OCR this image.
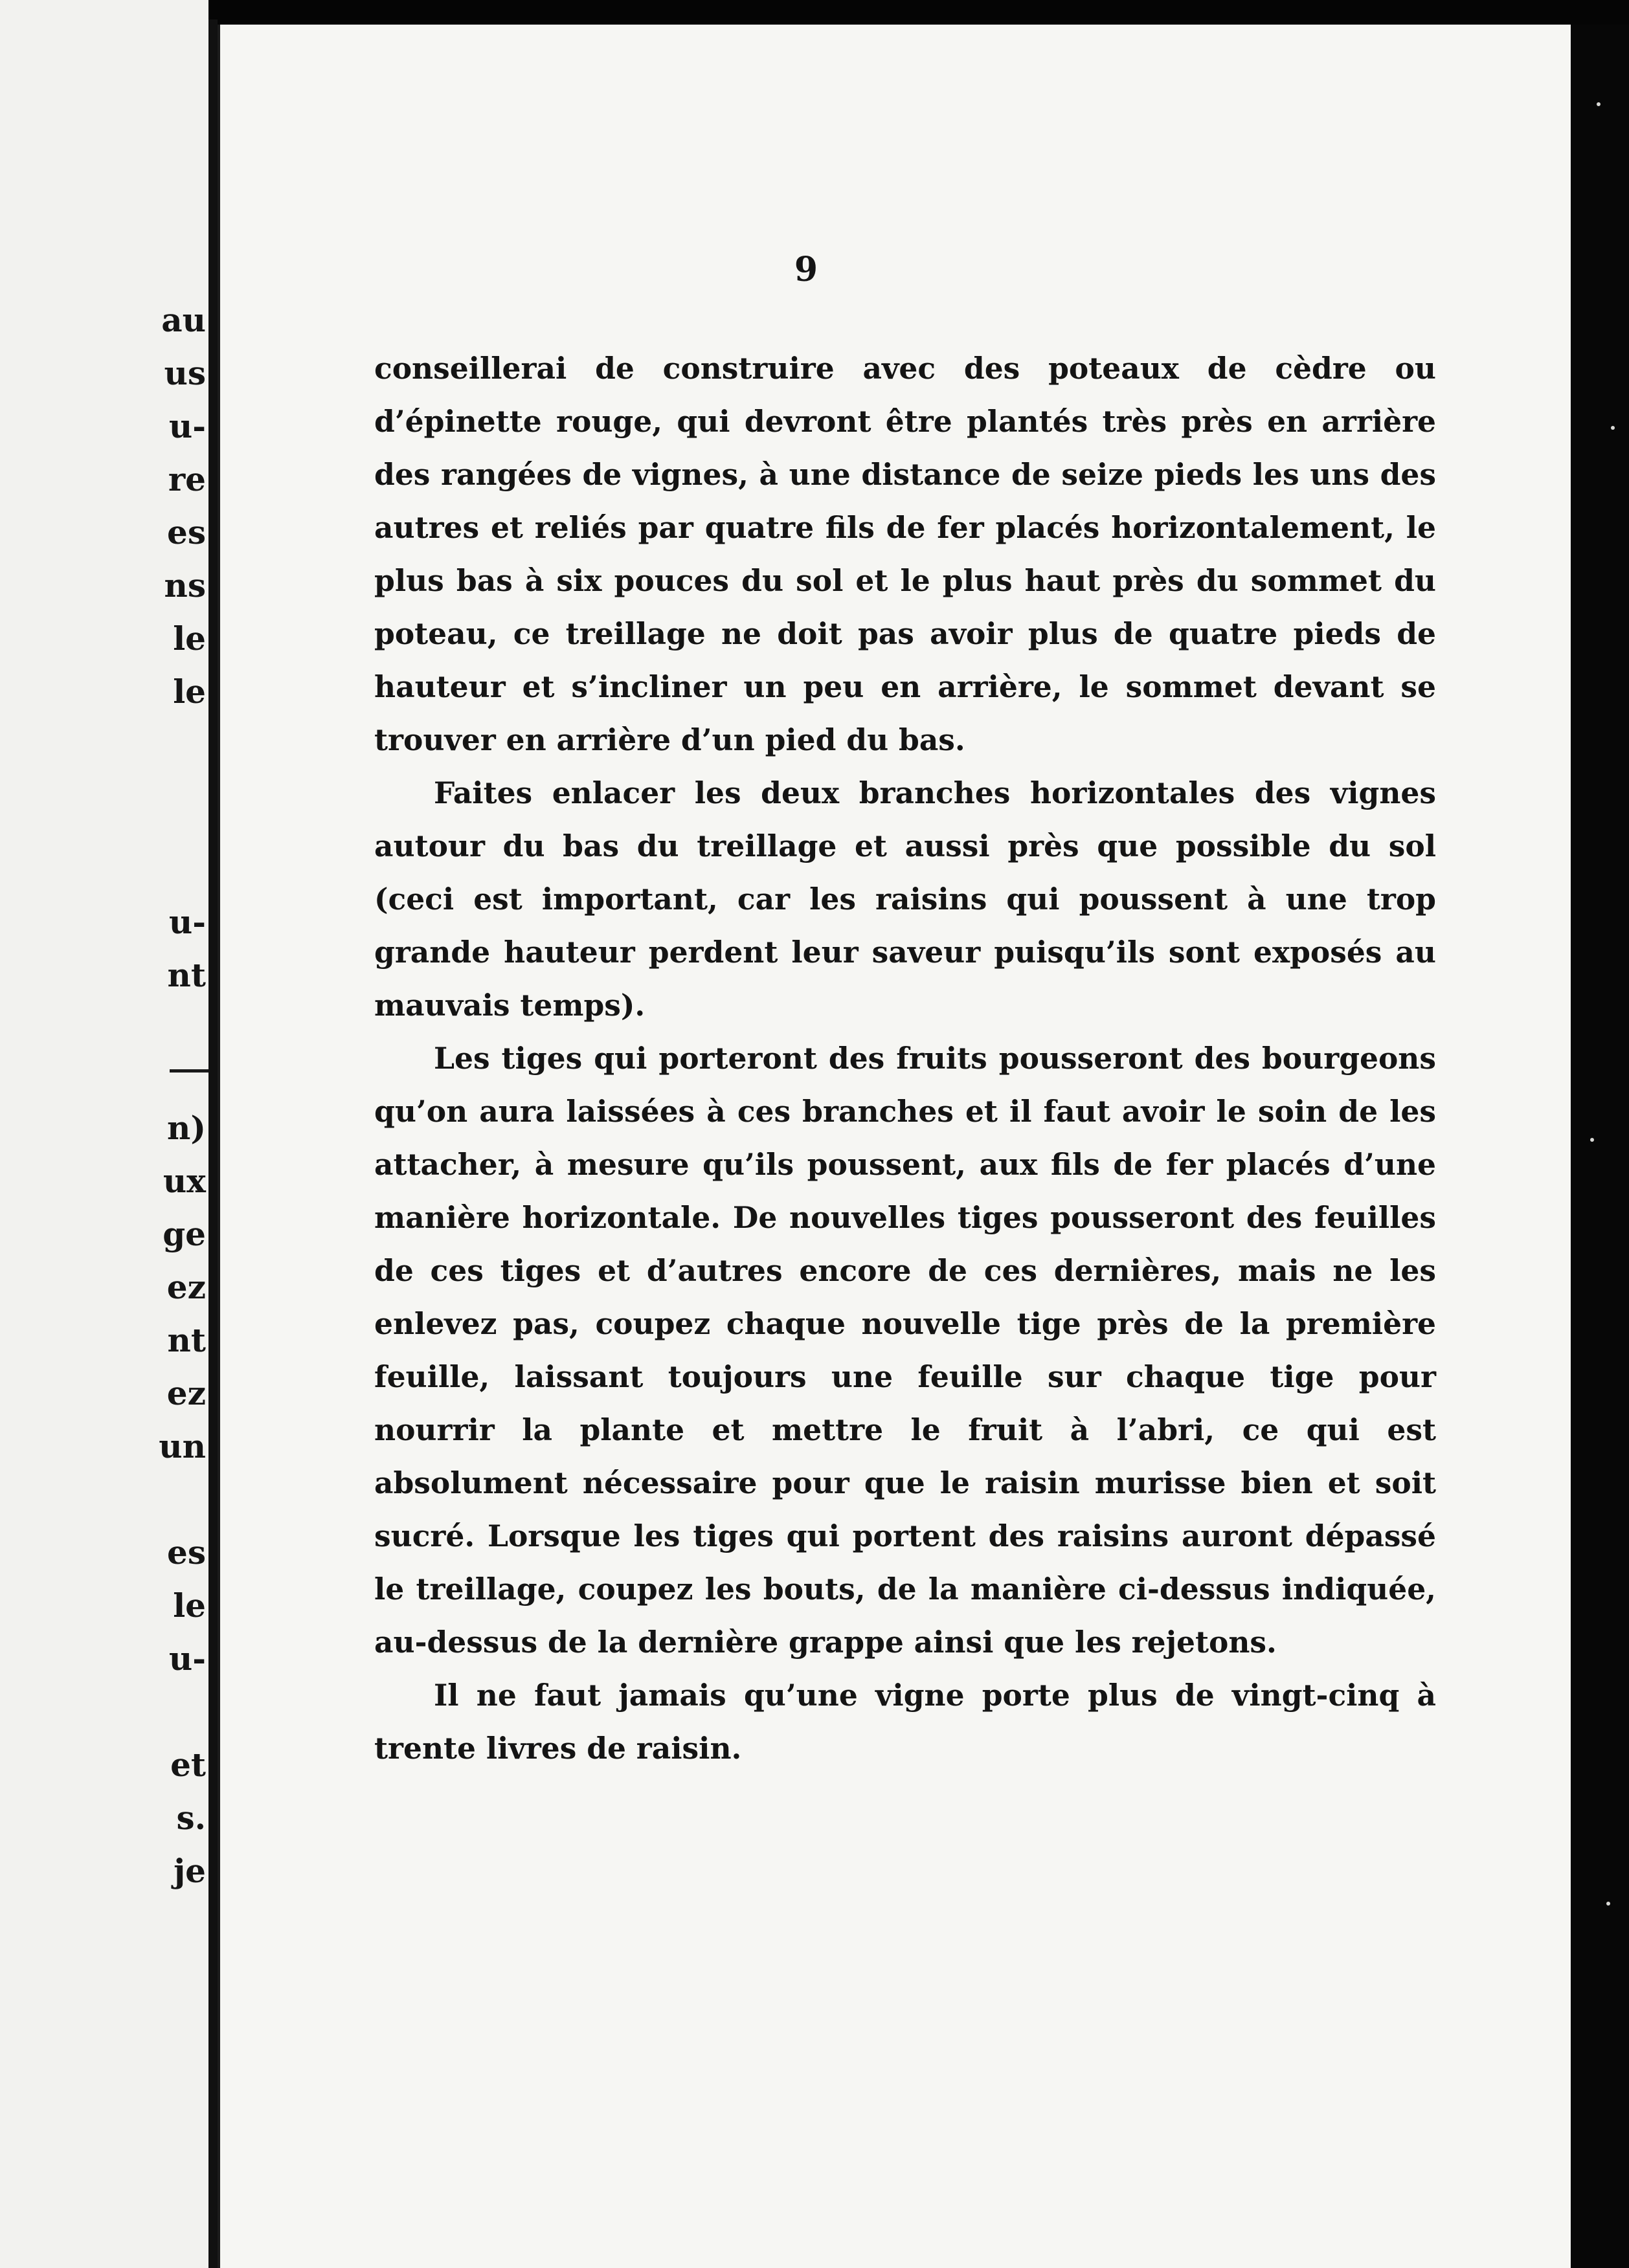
au
us
u-
re
es
ns
le
le
u-
nt
n)
ux
ge
ez
nt
ez
un
es
le
u-
et
s.
je
9

conseillerai de construire avec des poteaux de cèdre ou d’épinette rouge, qui devront être plantés très près en arrière des rangées de vignes, à une distance de seize pieds les uns des autres et reliés par quatre fils de fer placés horizontalement, le plus bas à six pouces du sol et le plus haut près du sommet du poteau, ce treillage ne doit pas avoir plus de quatre pieds de hauteur et s’incliner un peu en arrière, le sommet devant se trouver en arrière d’un pied du bas.

Faites enlacer les deux branches horizontales des vignes autour du bas du treillage et aussi près que possible du sol (ceci est important, car les raisins qui poussent à une trop grande hauteur perdent leur saveur puisqu’ils sont exposés au mauvais temps).

Les tiges qui porteront des fruits pousseront des bourgeons qu’on aura laissées à ces branches et il faut avoir le soin de les attacher, à mesure qu’ils poussent, aux fils de fer placés d’une manière horizontale. De nouvelles tiges pousseront des feuilles de ces tiges et d’autres encore de ces dernières, mais ne les enlevez pas, coupez chaque nouvelle tige près de la première feuille, laissant toujours une feuille sur chaque tige pour nourrir la plante et mettre le fruit à l’abri, ce qui est absolument nécessaire pour que le raisin murisse bien et soit sucré. Lorsque les tiges qui portent des raisins auront dépassé le treillage, coupez les bouts, de la manière ci-dessus indiquée, au-dessus de la dernière grappe ainsi que les rejetons.

Il ne faut jamais qu’une vigne porte plus de vingt-cinq à trente livres de raisin.
